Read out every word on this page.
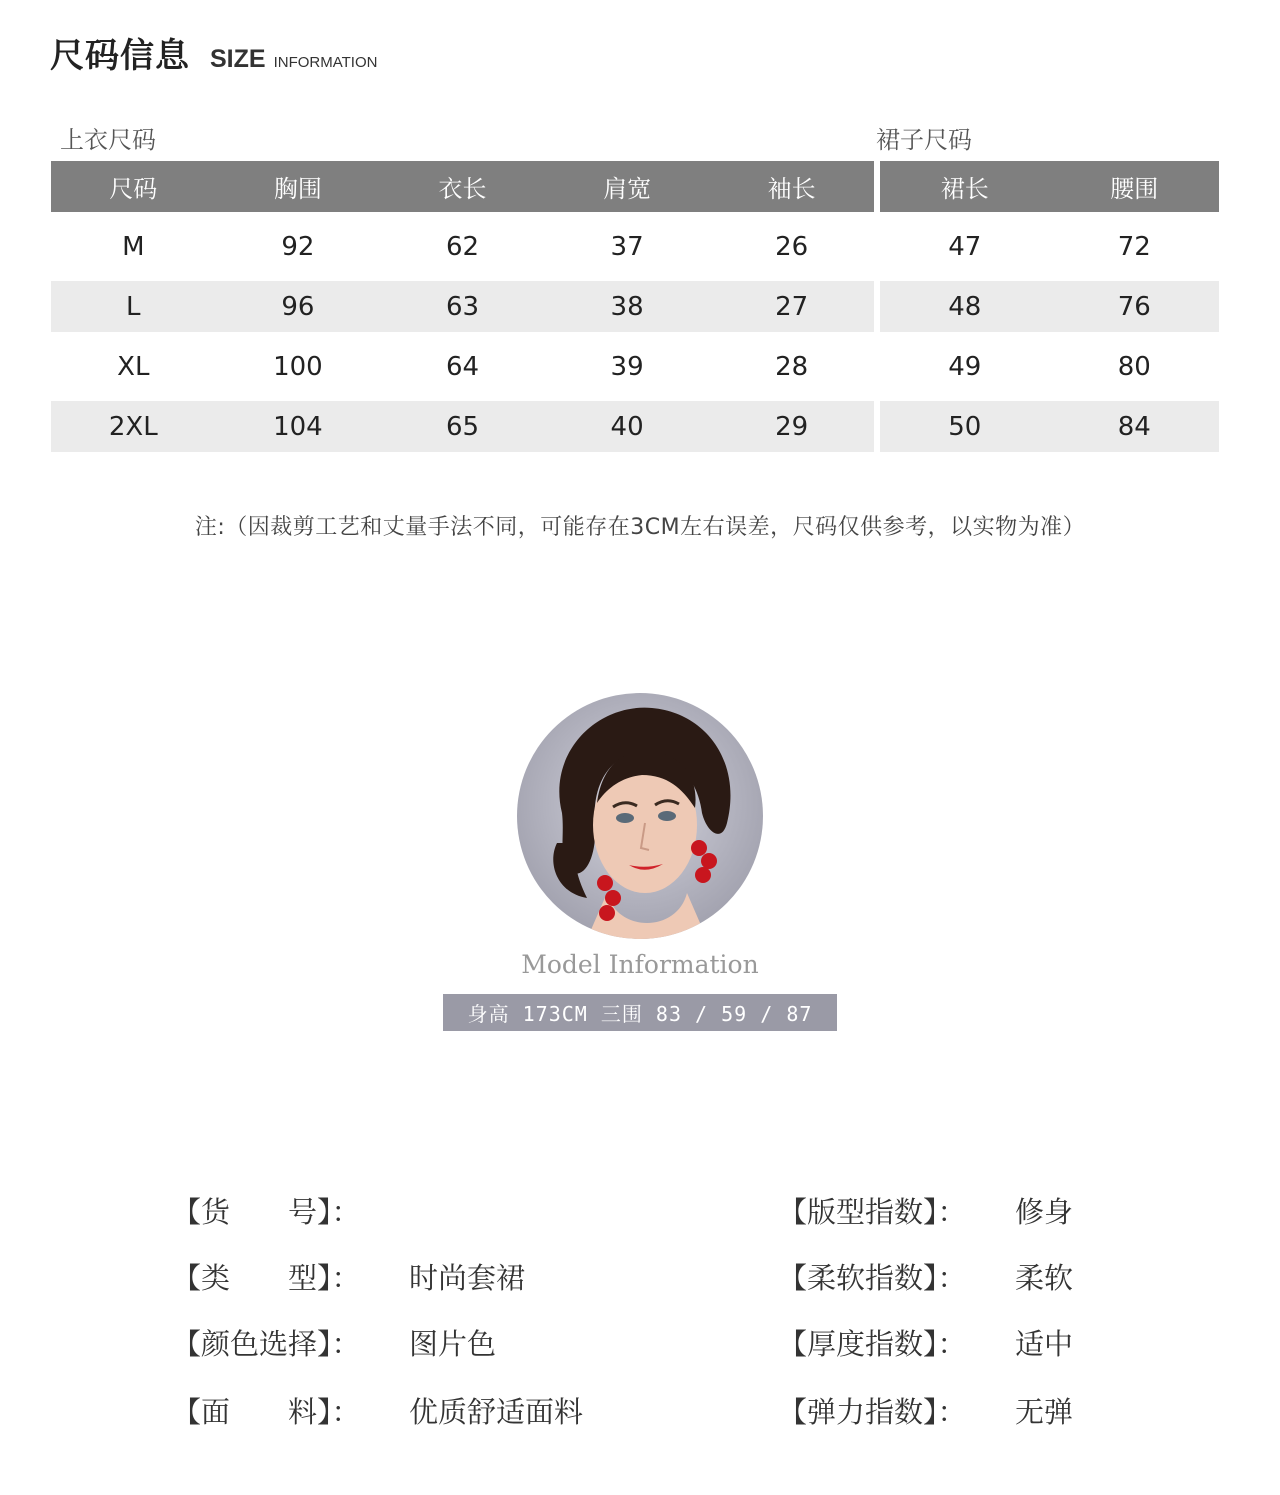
尺码信息 SIZE INFORMATION
上衣尺码	裙子尺码
尺码	胸围	衣长	肩宽	袖长
M	92	62	37	26
L	96	63	38	27
XL	100	64	39	28
2XL	104	65	40	29
裙长	腰围
47	72
48	76
49	80
50	84
注:（因裁剪工艺和丈量手法不同，可能存在3CM左右误差，尺码仅供参考，以实物为准）
Model Information
身高 173CM 三围 83 / 59 / 87
【货　　号】：
【类　　型】： 时尚套裙
【颜色选择】： 图片色
【面　　料】： 优质舒适面料
【版型指数】： 修身
【柔软指数】： 柔软
【厚度指数】： 适中
【弹力指数】： 无弹
